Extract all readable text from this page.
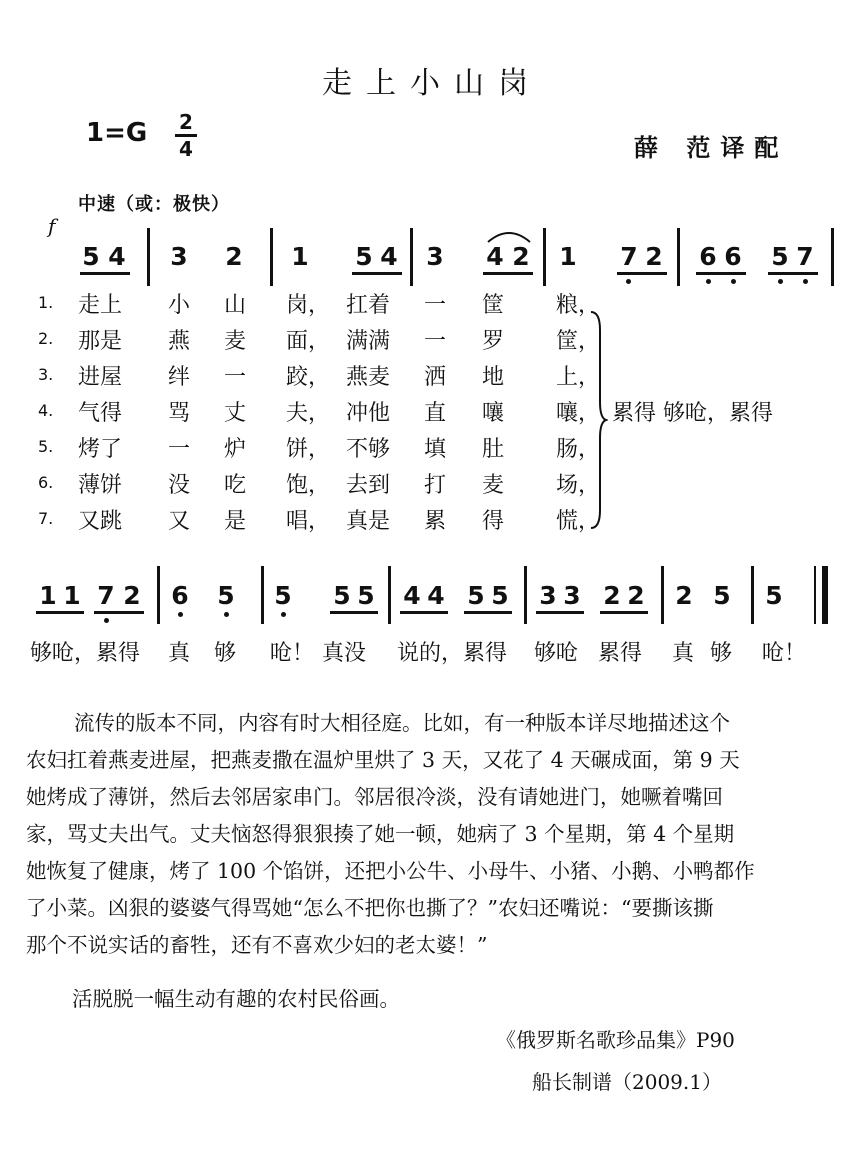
走上小山岗
1=G 2
4	薛 范译配
中速（或：极快）
f
5 4 3 2 1 5 4 3 4 2 1 7 2 6 6 5 7
1. 走上 小 山 岗， 扛着 一 筐 粮，
2. 那是 燕 麦 面， 满满 一 罗 筐，
3. 进屋 绊 一 跤， 燕麦 洒 地 上，
4. 气得 骂 丈 夫， 冲他 直 嚷 嚷，
5. 烤了 一 炉 饼， 不够 填 肚 肠，
6. 薄饼 没 吃 饱， 去到 打 麦 场，
7. 又跳 又 是 唱， 真是 累 得 慌，
累得 够呛，累得
1 1 7 2 6 5 5 5 5 4 4 5 5 3 3 2 2 2 5 5
够呛，累得 真 够 呛！ 真没 说的，累得 够呛 累得 真 够 呛！
流传的版本不同，内容有时大相径庭。比如，有一种版本详尽地描述这个
农妇扛着燕麦进屋，把燕麦撒在温炉里烘了 3 天，又花了 4 天碾成面，第 9 天
她烤成了薄饼，然后去邻居家串门。邻居很冷淡，没有请她进门，她噘着嘴回
家，骂丈夫出气。丈夫恼怒得狠狠揍了她一顿，她病了 3 个星期，第 4 个星期
她恢复了健康，烤了 100 个馅饼，还把小公牛、小母牛、小猪、小鹅、小鸭都作
了小菜。凶狠的婆婆气得骂她“怎么不把你也撕了？”农妇还嘴说：“要撕该撕
那个不说实话的畜牲，还有不喜欢少妇的老太婆！”
活脱脱一幅生动有趣的农村民俗画。
《俄罗斯名歌珍品集》P90
船长制谱（2009.1）
